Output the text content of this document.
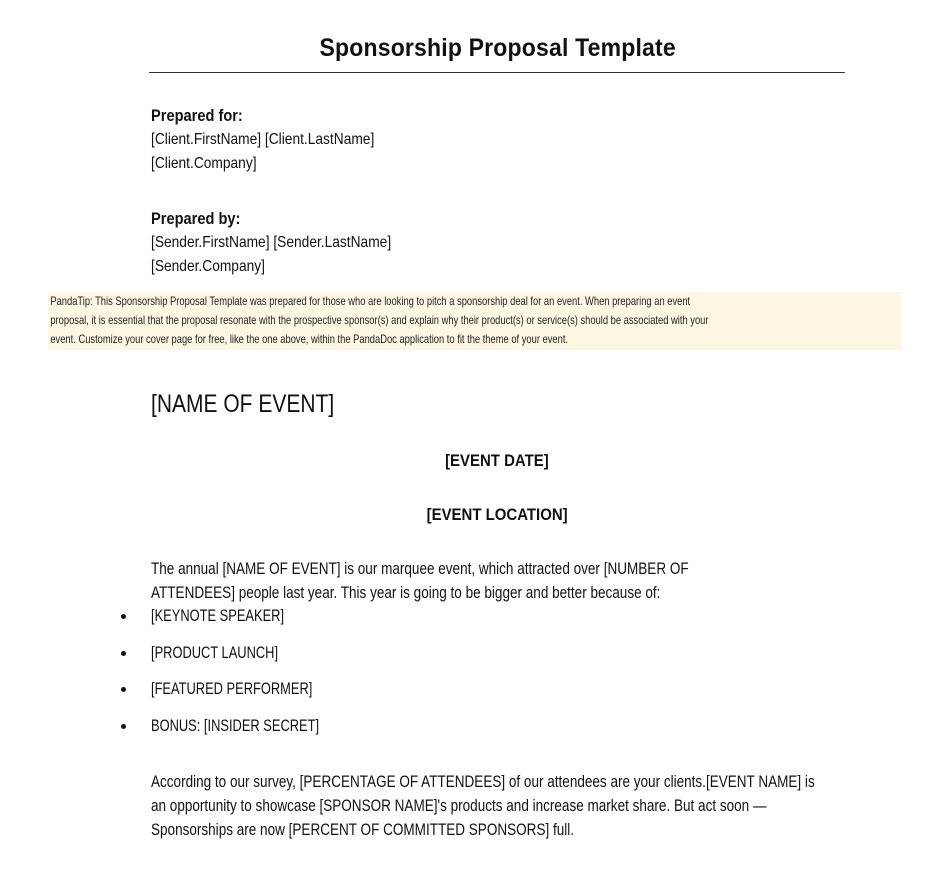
Sponsorship Proposal Template
Prepared for:
[Client.FirstName] [Client.LastName]
[Client.Company]
Prepared by:
[Sender.FirstName] [Sender.LastName]
[Sender.Company]
PandaTip: This Sponsorship Proposal Template was prepared for those who are looking to pitch a sponsorship deal for an event. When preparing an event
proposal, it is essential that the proposal resonate with the prospective sponsor(s) and explain why their product(s) or service(s) should be associated with your
event. Customize your cover page for free, like the one above, within the PandaDoc application to fit the theme of your event.
[NAME OF EVENT]
[EVENT DATE]
[EVENT LOCATION]
The annual [NAME OF EVENT] is our marquee event, which attracted over [NUMBER OF
ATTENDEES] people last year. This year is going to be bigger and better because of:
[KEYNOTE SPEAKER]
[PRODUCT LAUNCH]
[FEATURED PERFORMER]
BONUS: [INSIDER SECRET]
According to our survey, [PERCENTAGE OF ATTENDEES] of our attendees are your clients.[EVENT NAME] is
an opportunity to showcase [SPONSOR NAME]'s products and increase market share. But act soon —
Sponsorships are now [PERCENT OF COMMITTED SPONSORS] full.
